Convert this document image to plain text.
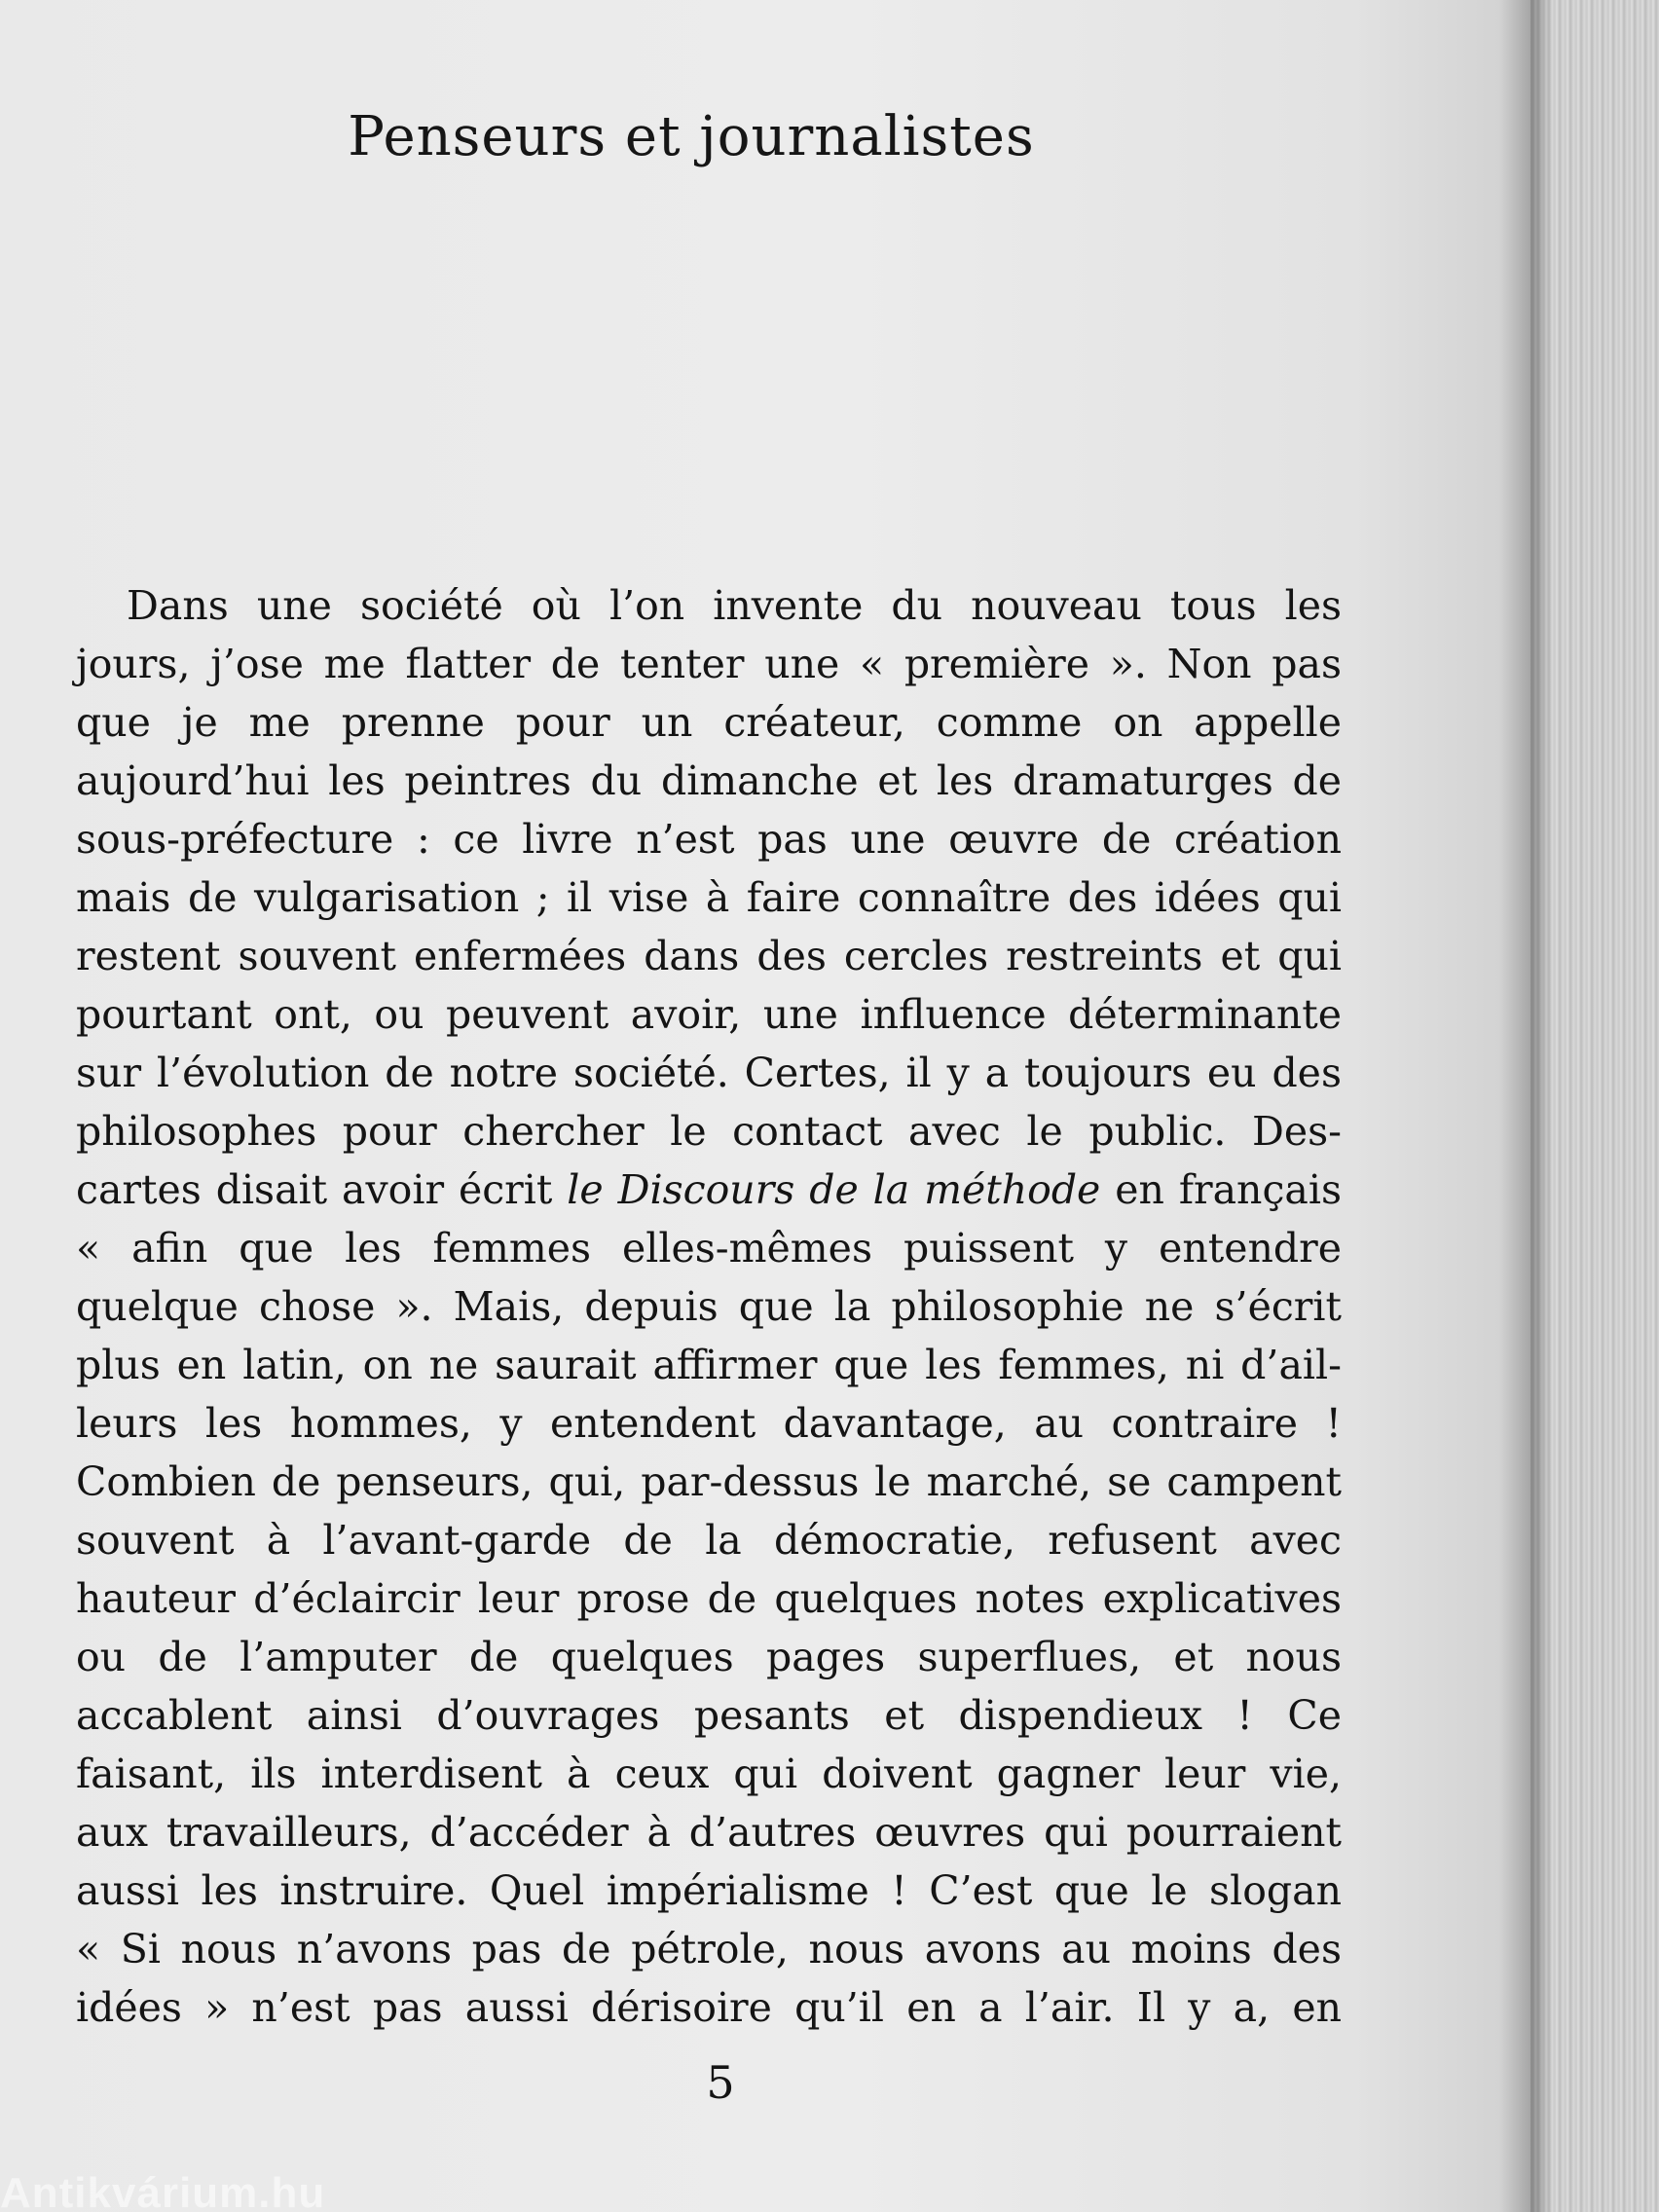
Penseurs et journalistes
Dans une société où l’on invente du nouveau tous les
jours, j’ose me flatter de tenter une « première ». Non pas
que je me prenne pour un créateur, comme on appelle
aujourd’hui les peintres du dimanche et les dramaturges de
sous-préfecture : ce livre n’est pas une œuvre de création
mais de vulgarisation ; il vise à faire connaître des idées qui
restent souvent enfermées dans des cercles restreints et qui
pourtant ont, ou peuvent avoir, une influence déterminante
sur l’évolution de notre société. Certes, il y a toujours eu des
philosophes pour chercher le contact avec le public. Des-
cartes disait avoir écrit le Discours de la méthode en français
« afin que les femmes elles-mêmes puissent y entendre
quelque chose ». Mais, depuis que la philosophie ne s’écrit
plus en latin, on ne saurait affirmer que les femmes, ni d’ail-
leurs les hommes, y entendent davantage, au contraire !
Combien de penseurs, qui, par-dessus le marché, se campent
souvent à l’avant-garde de la démocratie, refusent avec
hauteur d’éclaircir leur prose de quelques notes explicatives
ou de l’amputer de quelques pages superflues, et nous
accablent ainsi d’ouvrages pesants et dispendieux ! Ce
faisant, ils interdisent à ceux qui doivent gagner leur vie,
aux travailleurs, d’accéder à d’autres œuvres qui pourraient
aussi les instruire. Quel impérialisme ! C’est que le slogan
« Si nous n’avons pas de pétrole, nous avons au moins des
idées » n’est pas aussi dérisoire qu’il en a l’air. Il y a, en
5
Antikvárium.hu
